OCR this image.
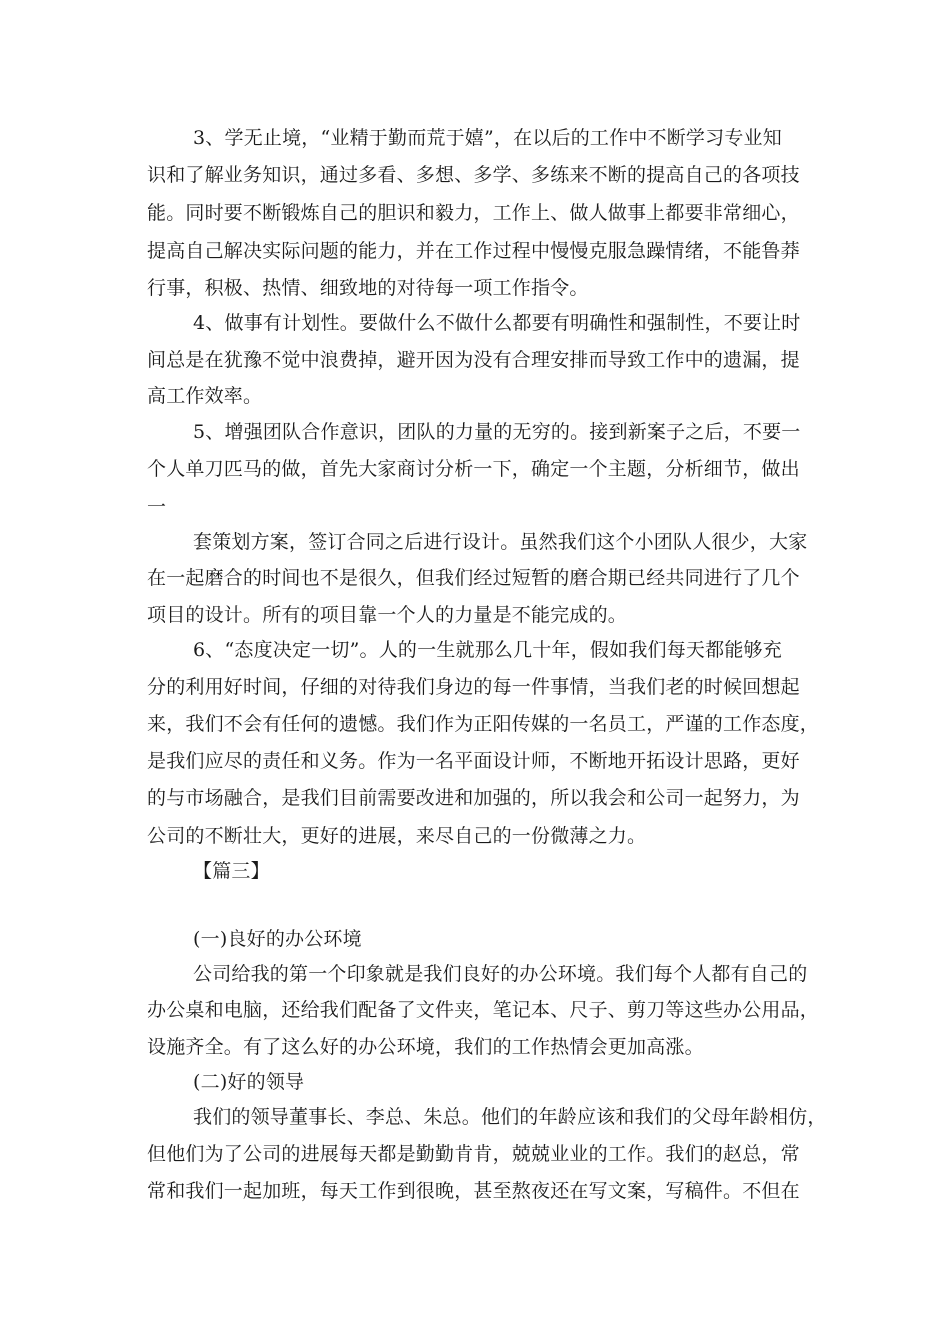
3、学无止境，“业精于勤而荒于嬉”，在以后的工作中不断学习专业知
识和了解业务知识，通过多看、多想、多学、多练来不断的提高自己的各项技
能。同时要不断锻炼自己的胆识和毅力，工作上、做人做事上都要非常细心，
提高自己解决实际问题的能力，并在工作过程中慢慢克服急躁情绪，不能鲁莽
行事，积极、热情、细致地的对待每一项工作指令。
4、做事有计划性。要做什么不做什么都要有明确性和强制性，不要让时
间总是在犹豫不觉中浪费掉，避开因为没有合理安排而导致工作中的遗漏，提
高工作效率。
5、增强团队合作意识，团队的力量的无穷的。接到新案子之后，不要一
个人单刀匹马的做，首先大家商讨分析一下，确定一个主题，分析细节，做出
一
套策划方案，签订合同之后进行设计。虽然我们这个小团队人很少，大家
在一起磨合的时间也不是很久，但我们经过短暂的磨合期已经共同进行了几个
项目的设计。所有的项目靠一个人的力量是不能完成的。
6、“态度决定一切”。人的一生就那么几十年，假如我们每天都能够充
分的利用好时间，仔细的对待我们身边的每一件事情，当我们老的时候回想起
来，我们不会有任何的遗憾。我们作为正阳传媒的一名员工，严谨的工作态度，
是我们应尽的责任和义务。作为一名平面设计师，不断地开拓设计思路，更好
的与市场融合，是我们目前需要改进和加强的，所以我会和公司一起努力，为
公司的不断壮大，更好的进展，来尽自己的一份微薄之力。
【篇三】
(一)良好的办公环境
公司给我的第一个印象就是我们良好的办公环境。我们每个人都有自己的
办公桌和电脑，还给我们配备了文件夹，笔记本、尺子、剪刀等这些办公用品，
设施齐全。有了这么好的办公环境，我们的工作热情会更加高涨。
(二)好的领导
我们的领导董事长、李总、朱总。他们的年龄应该和我们的父母年龄相仿，
但他们为了公司的进展每天都是勤勤肯肯，兢兢业业的工作。我们的赵总，常
常和我们一起加班，每天工作到很晚，甚至熬夜还在写文案，写稿件。不但在
